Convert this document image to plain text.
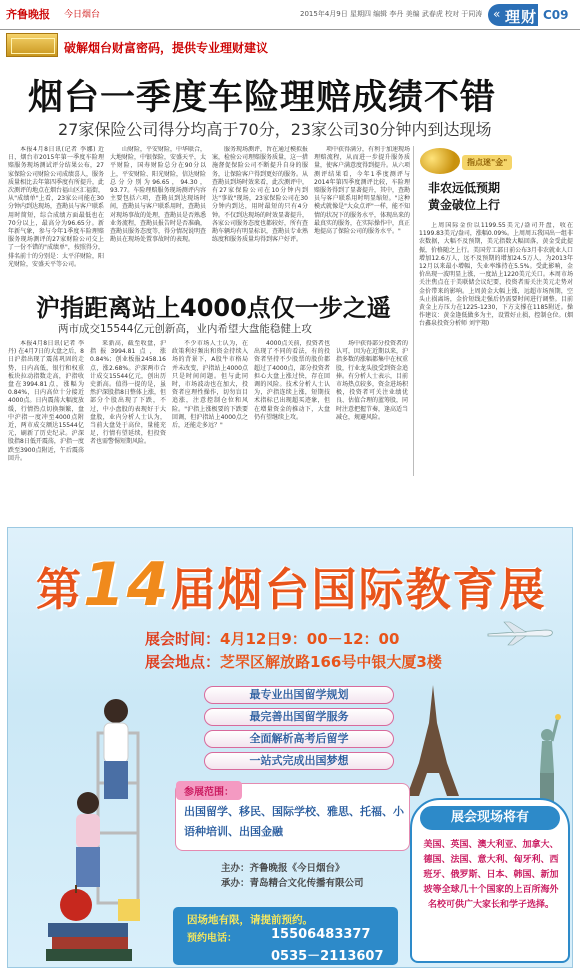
齐鲁晚报 今日烟台	2015年4月9日 星期四 编辑 李丹 美编 武春虎 校对 于同涛 « 理财 C09
破解烟台财富密码，提供专业理财建议
烟台一季度车险理赔成绩不错
27家保险公司得分均高于70分，23家公司30分钟内到达现场

本报4月8日讯(记者 李娜) 近日，烟台市2015年第一季度车险理赔服务现场测试评分结果公布，27家保险公司财险公司成绩喜人，服务质量相比去年第四季度有所提升，此次测评的地点在烟台福山区汇福街，从"成绩单"上看，23家公司能在30分钟内到达现场，查勘员与客户联系用时简短，综合成绩方面最低也在70分以上，最高分为96.65分。新年新气象，参与今年1季度车险理赔服务现场测评的27家财险公司交上了一份不错的"成绩单"，按照得分，排名前十的分别是：太平洋财险，阳光财险，安盛天平等公司。

山财险，平安财险，中华联合，大地财险，中银保险，安盛天平，太平财险，国寿财险总分在90分以上，平安财险、阳光财险，信达财险总分分别为96.65，94.30，93.77。车险理赔服务现场测评内容主要包括六项，查勘员到达现场时间，查勘员与客户联系用时，查勘员对现场事故的处理，查勘员是否熟悉业务流程，查勘员报告时是否准确，查勘员服务态度等，得分情况说明查勘员在现场处置事故时的表现。

服务现场测评，旨在通过模拟报案，检验公司理赔服务质量，这一措施督促保险公司不断提升自身的服务，让保险客户得到更好的服务。从查勘员到场时效来看，此次测评中，有27家保险公司在10分钟内到达"事故"现场，23家保险公司在30分钟内到达，用时最短的只有4分钟。不仅到达现场的时效显著提升，各家公司服务态度也都较好，所有查勘车辆均有明显标识，查勘员专业熟练度和服务质量均得到客户好评。

项中获得满分，有利于加速现场理赔流程，从而进一步提升服务质量，使客户满意度得到提升。从六项测评结果看，今年1季度测评与2014年第四季度测评比较，车险理赔服务得到了显著提升，其中，查勘员与客户联系用时明显缩短。"这种模式就像是"大众点评"一样，能不知情的状况下的服务水平，体现出来的最真实的服务，在实际操作中，真正地提高了保险公司的服务水平。"

指点迷"金"
非农远低预期
黄金破位上行

上周国际金价以1199.55美元/盎司开盘，收在1199.83美元/盎司，涨幅0.09%。上周周五我国出一组非农数据，大幅不及预期，美元指数大幅回落，黄金受此提振，价格随之上行。美国劳工部日前公布3月非农就业人口增加12.6万人，远不及预期的增加24.5万人，为2013年12月以来最小增幅，失业率维持在5.5%。受此影响，金价出现一波明显上涨，一度站上1220美元关口。本周市场关注焦点在于美联储会议纪要，投资者需关注美元走势对金价带来的影响。上周黄金大幅上涨，远超市场预期，空头止损离场，金价短线走强后仍需要时间进行调整。目前黄金上方压力在1225-1230，下方支撑在1185附近。操作建议：黄金逢低做多为主，设置好止损，控制仓位。(烟台鑫泉投资分析师 刘宇翔)

沪指距离站上4000点仅一步之遥
两市成交15544亿元创新高，业内希望大盘能稳健上攻

本报4月8日讯(记者 李丹) 在4月7日的大盘之后，8日沪指出现了震荡巩固的走势，日内高低，银行和权重板块拉动指数走高，沪指收盘在3994.81点，涨幅为0.84%，日内高位十分接近4000点。日内震荡大幅度放缓，行情热点切换频繁，盘中沪指一度冲至4000点附近，两市成交额达15544亿元，刷新了历史纪录。沪深股指8日低开震荡，沪指一度跌至3900点附近，午后震荡回升。

来新高，截至收盘，沪指报3994.81点，涨0.84%；创业板报2458.16点，涨2.68%。沪深两市合计成交15544亿元，创出历史新高。值得一提的是，虽然沪深股指8日整体上涨，但部分个股出现了下跌，不过，中小盘股的表现好于大盘股，业内分析人士认为，当前大盘处于高位，量能充足，行情有望延续，但投资者也需警惕短期风险。

不少市场人士认为，在政策利好频出和资金持续入场的背景下，A股牛市格局并未改变，沪指站上4000点只是时间问题。但与此同时，市场波动也在加大，投资者应理性操作，切勿盲目追涨，注意控制仓位和风险。"沪指上涨极要的下跌要回调，但沪指站上4000点之后，还能走多远？"

4000点关前，投资者也出现了不同的看法，有的投资者坚持不少股票的股价都超过了4000点，部分投资者担心大盘上涨过快，存在回调的风险。技术分析人士认为，沪指连续上涨，短期技术指标已出现超买迹象，但在增量资金的推动下，大盘仍有望继续上攻。

场中获得部分投资者的认可，因为在近期以来，沪指多数的涨幅都集中在权重股，行业龙头股受到资金追捧。有分析人士表示，目前市场热点较多，资金进场积极，投资者可关注业绩优良、估值合理的蓝筹股，同时注意把握节奏，逢高适当减仓，规避风险。

第14届烟台国际教育展
展会时间：4月12日9：00－12：00
展会地点：芝罘区解放路166号中银大厦3楼
最专业出国留学规划
最完善出国留学服务
全面解析高考后留学
一站式完成出国梦想
参展范围：
出国留学、移民、国际学校、雅思、托福、小语种培训、出国金融
主办：齐鲁晚报《今日烟台》
承办：青岛精合文化传播有限公司
因场地有限，请提前预约。
预约电话：	15506483377
0535－2113607
展会现场将有
美国、英国、澳大利亚、加拿大、德国、法国、意大利、匈牙利、西班牙、俄罗斯、日本、韩国、新加坡等全球几十个国家的上百所海外名校可供广大家长和学子选择。
